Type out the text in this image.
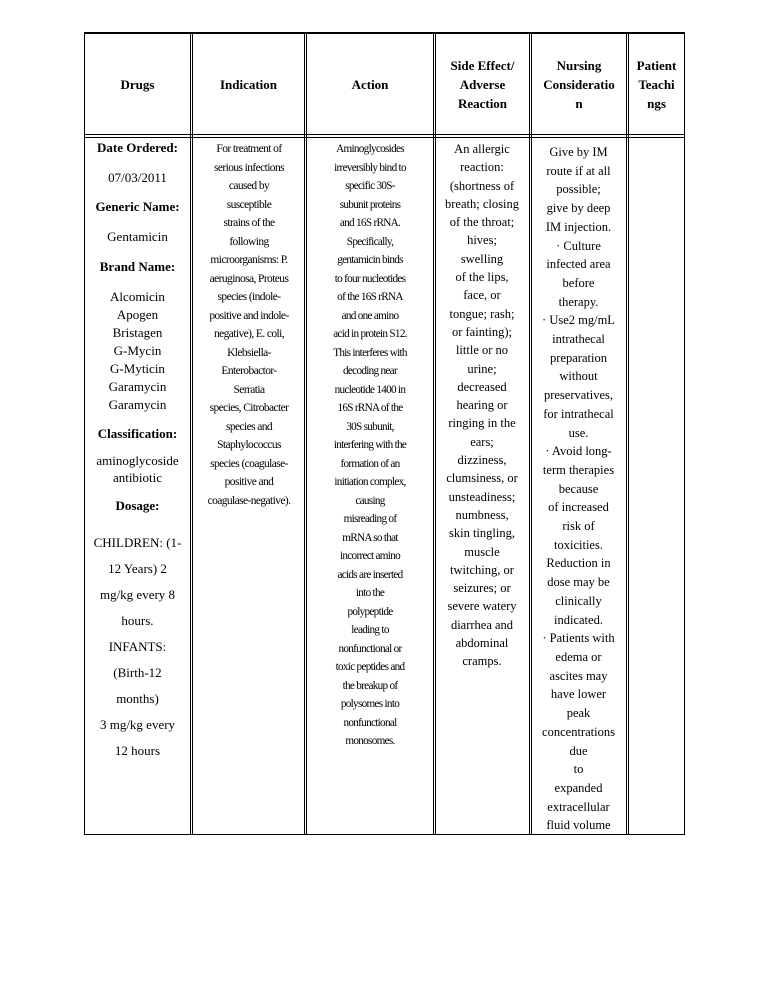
Drugs	Indication	Action
Side Effect/
Adverse
Reaction
Nursing
Consideratio
n
Patient
Teachi
ngs

Date Ordered:

07/03/2011

Generic Name:

Gentamicin

Brand Name:

Alcomicin
Apogen
Bristagen
G-Mycin
G-Myticin
Garamycin
Garamycin

Classification:

aminoglycoside
antibiotic

Dosage:

CHILDREN: (1-
12 Years) 2
mg/kg every 8
hours.
INFANTS:
(Birth-12
months)
3 mg/kg every
12 hours
For treatment of
serious infections
caused by
susceptible
strains of the
following
microorganisms: P.
aeruginosa, Proteus
species (indole-
positive and indole-
negative), E. coli,
Klebsiella-
Enterobactor-
Serratia
species, Citrobacter
species and
Staphylococcus
species (coagulase-
positive and
coagulase-negative).
Aminoglycosides
irreversibly bind to
specific 30S-
subunit proteins
and 16S rRNA.
Specifically,
gentamicin binds
to four nucleotides
of the 16S rRNA
and one amino
acid in protein S12.
This interferes with
decoding near
nucleotide 1400 in
16S rRNA of the
30S subunit,
interfering with the
formation of an
initiation complex,
causing
misreading of
mRNA so that
incorrect amino
acids are inserted
into the
polypeptide
leading to
nonfunctional or
toxic peptides and
the breakup of
polysomes into
nonfunctional
monosomes.
An allergic
reaction:
(shortness of
breath; closing
of the throat;
hives;
swelling
of the lips,
face, or
tongue; rash;
or fainting);
little or no
urine;
decreased
hearing or
ringing in the
ears;
dizziness,
clumsiness, or
unsteadiness;
numbness,
skin tingling,
muscle
twitching, or
seizures; or
severe watery
diarrhea and
abdominal
cramps.
Give by IM
route if at all
possible;
give by deep
IM injection.
· Culture
infected area
before
therapy.
· Use2 mg/mL
intrathecal
preparation
without
preservatives,
for intrathecal
use.
· Avoid long-
term therapies
because
of increased
risk of
toxicities.
Reduction in
dose may be
clinically
indicated.
· Patients with
edema or
ascites may
have lower
peak
concentrations
due
to
expanded
extracellular
fluid volume
